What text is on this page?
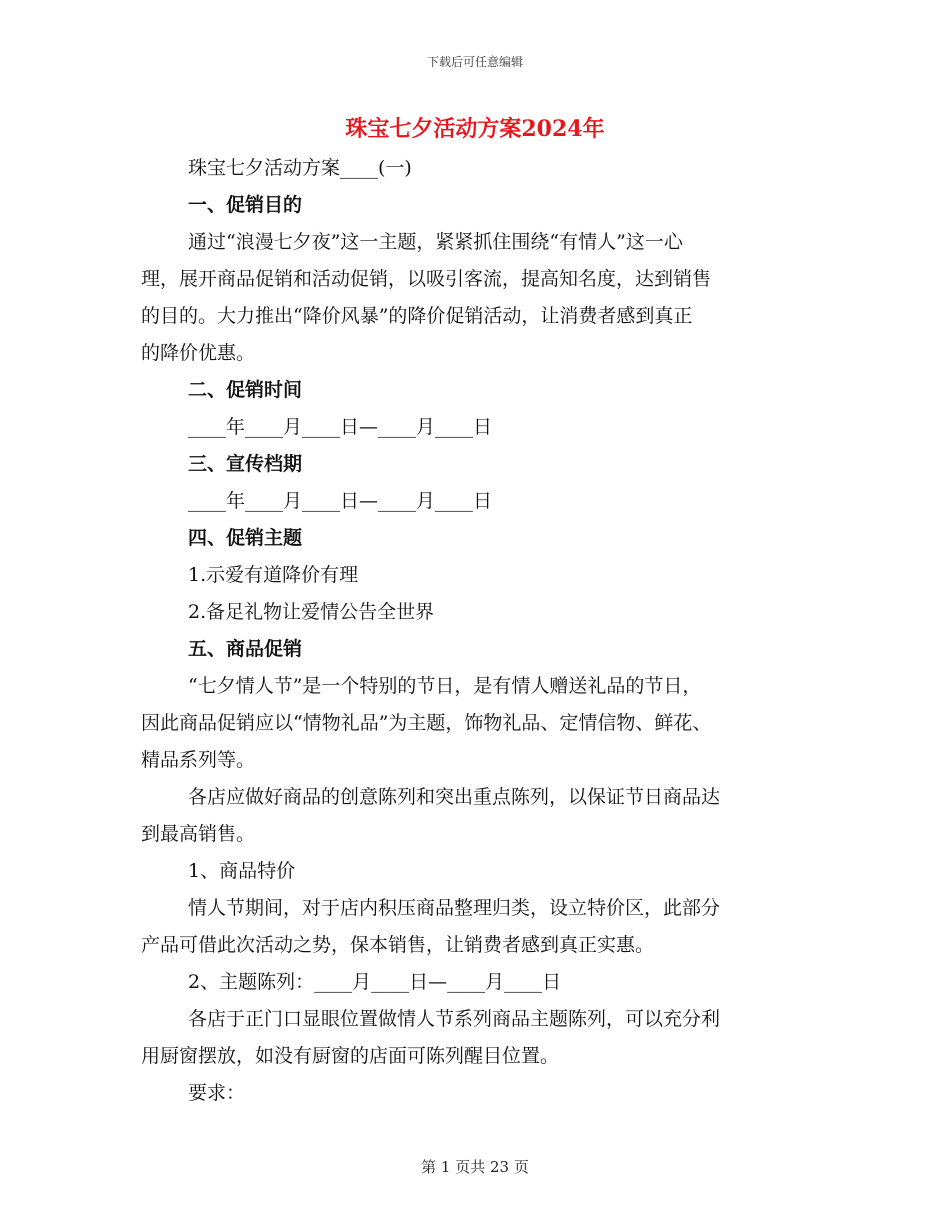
下载后可任意编辑
珠宝七夕活动方案2024年
珠宝七夕活动方案____(一)
一、促销目的
通过“浪漫七夕夜”这一主题，紧紧抓住围绕“有情人”这一心
理，展开商品促销和活动促销，以吸引客流，提高知名度，达到销售
的目的。大力推出“降价风暴”的降价促销活动，让消费者感到真正
的降价优惠。
二、促销时间
____年____月____日—____月____日
三、宣传档期
____年____月____日—____月____日
四、促销主题
1.示爱有道降价有理
2.备足礼物让爱情公告全世界
五、商品促销
“七夕情人节”是一个特别的节日，是有情人赠送礼品的节日，
因此商品促销应以“情物礼品”为主题，饰物礼品、定情信物、鲜花、
精品系列等。
各店应做好商品的创意陈列和突出重点陈列，以保证节日商品达
到最高销售。
1、商品特价
情人节期间，对于店内积压商品整理归类，设立特价区，此部分
产品可借此次活动之势，保本销售，让销费者感到真正实惠。
2、主题陈列：____月____日—____月____日
各店于正门口显眼位置做情人节系列商品主题陈列，可以充分利
用厨窗摆放，如没有厨窗的店面可陈列醒目位置。
要求：
第 1 页共 23 页
